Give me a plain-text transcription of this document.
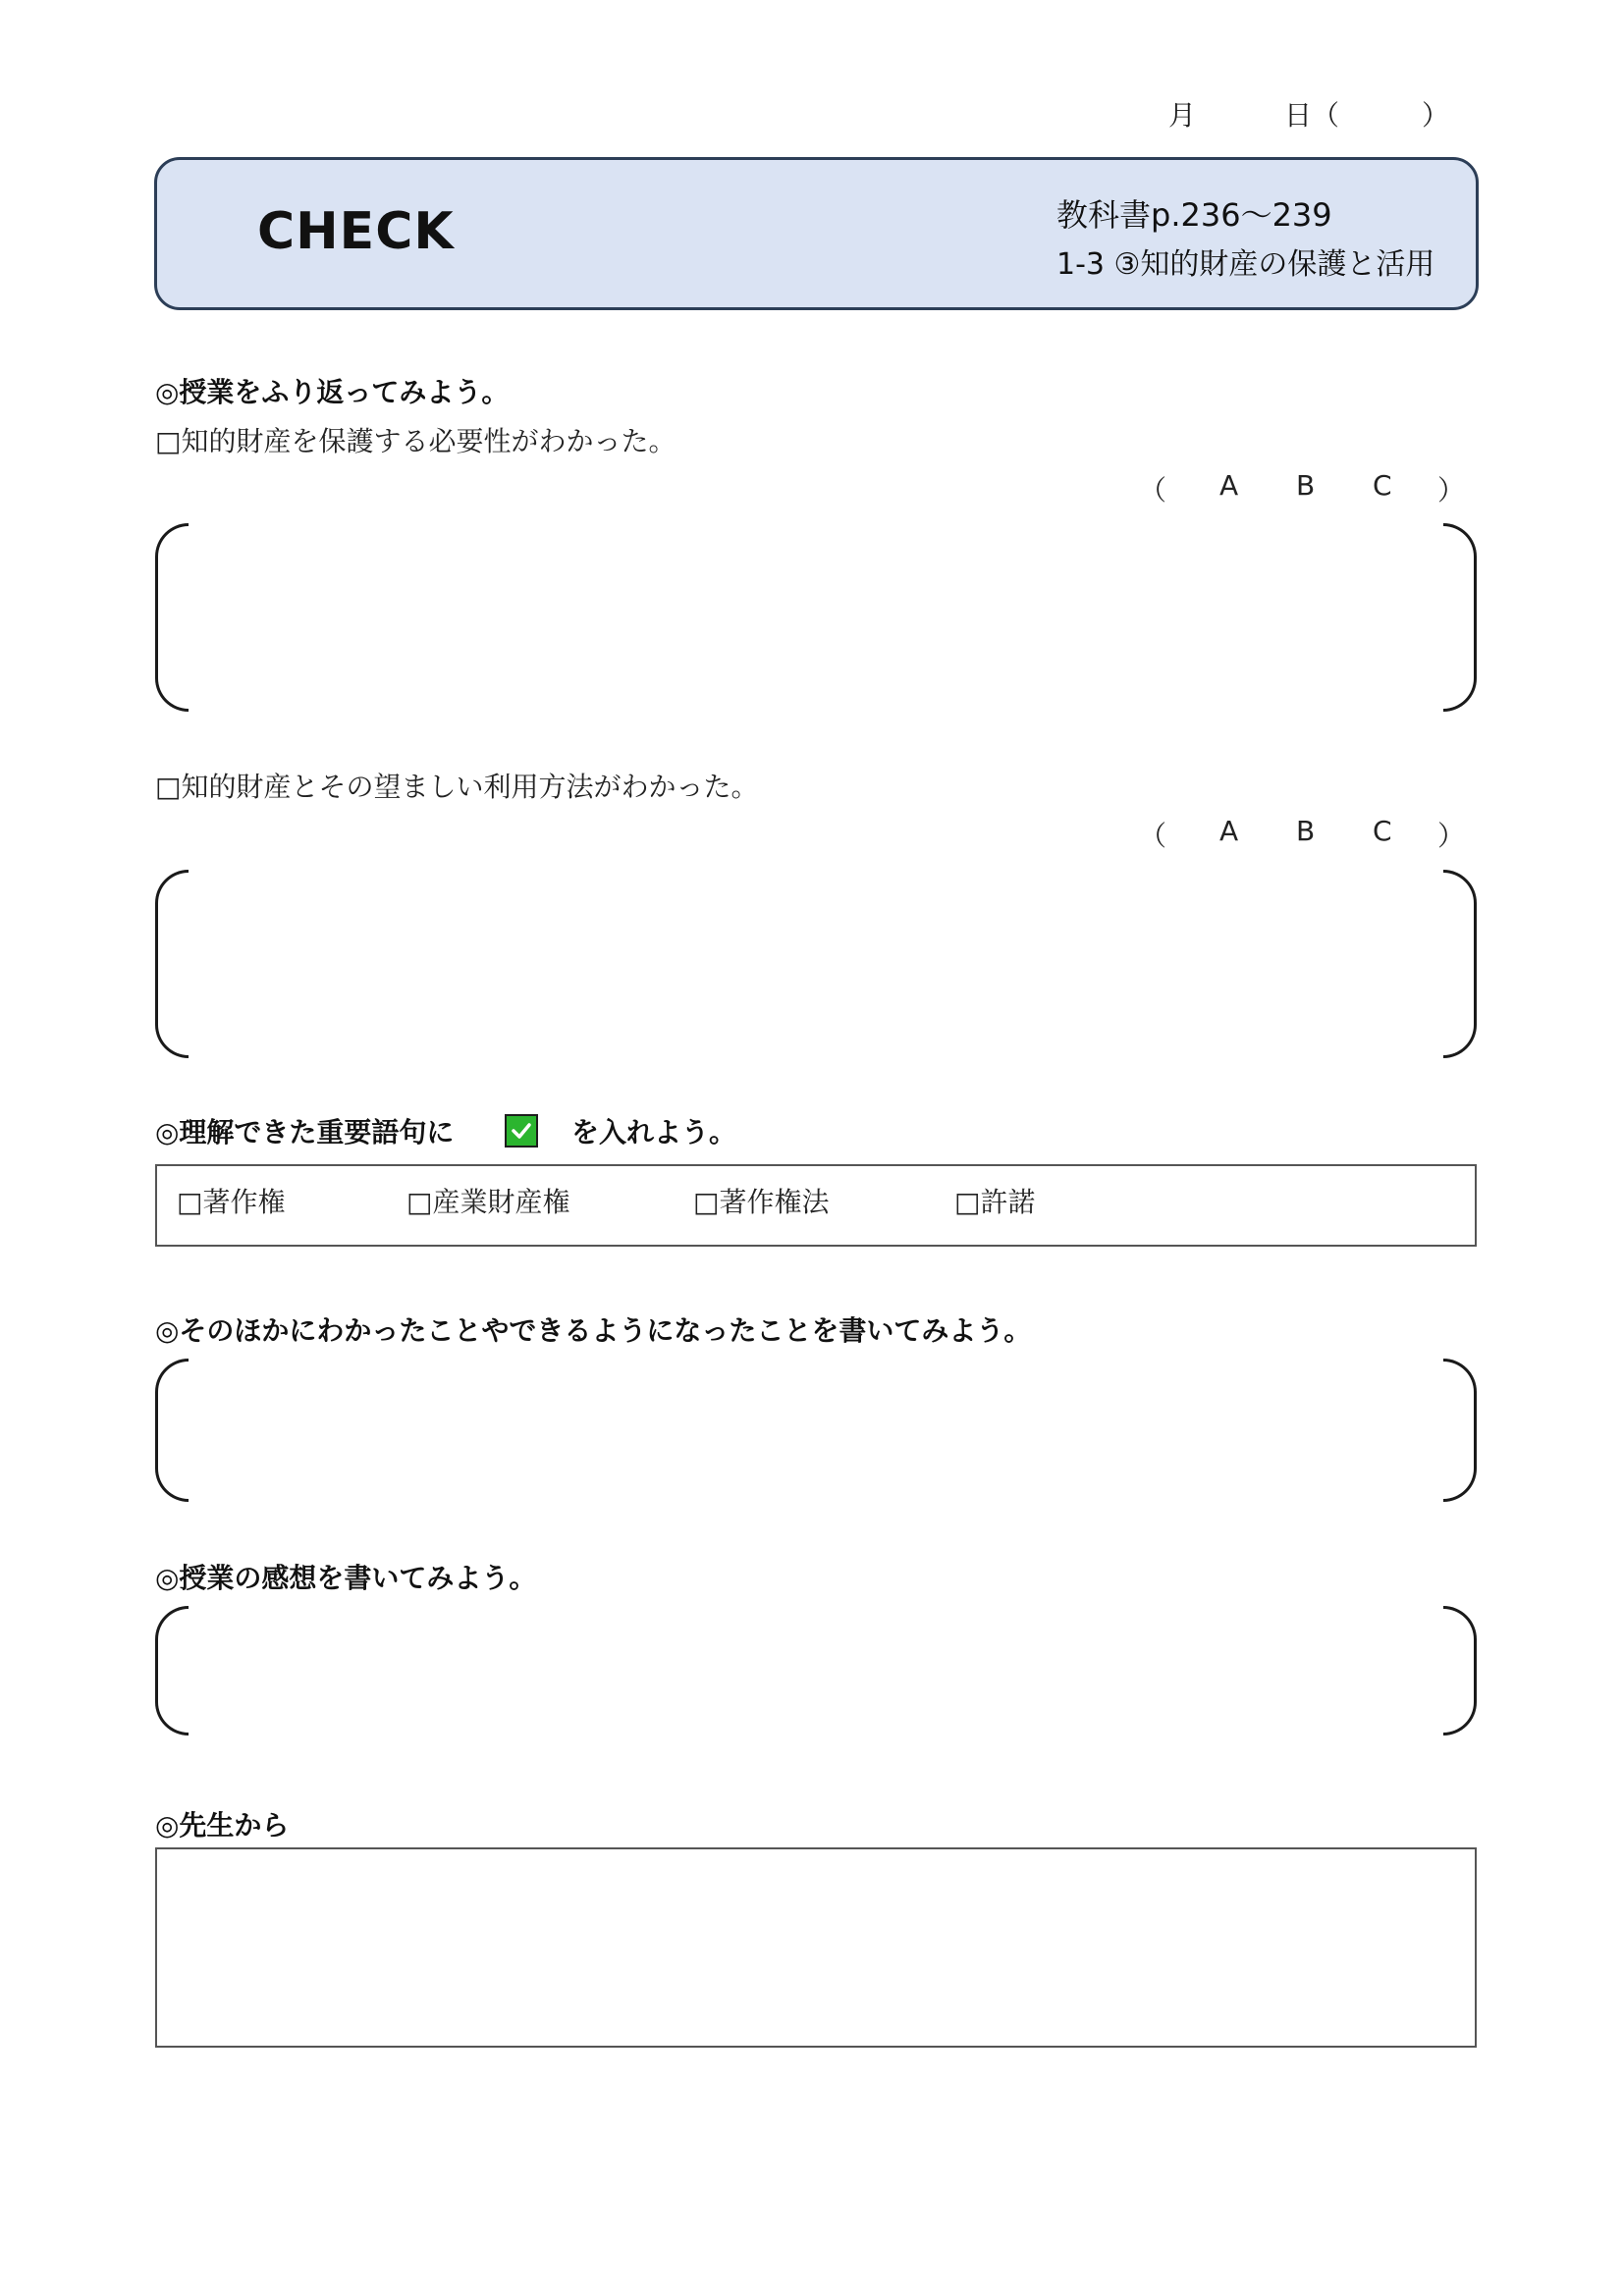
月	日（	）
CHECK	教科書p.236～239
1-3 ③知的財産の保護と活用
◎授業をふり返ってみよう。
□知的財産を保護する必要性がわかった。
（ A B C ）
□知的財産とその望ましい利用方法がわかった。
（ A B C ）
◎理解できた重要語句に	を入れよう。
□著作権	□産業財産権	□著作権法	□許諾
◎そのほかにわかったことやできるようになったことを書いてみよう。
◎授業の感想を書いてみよう。
◎先生から
